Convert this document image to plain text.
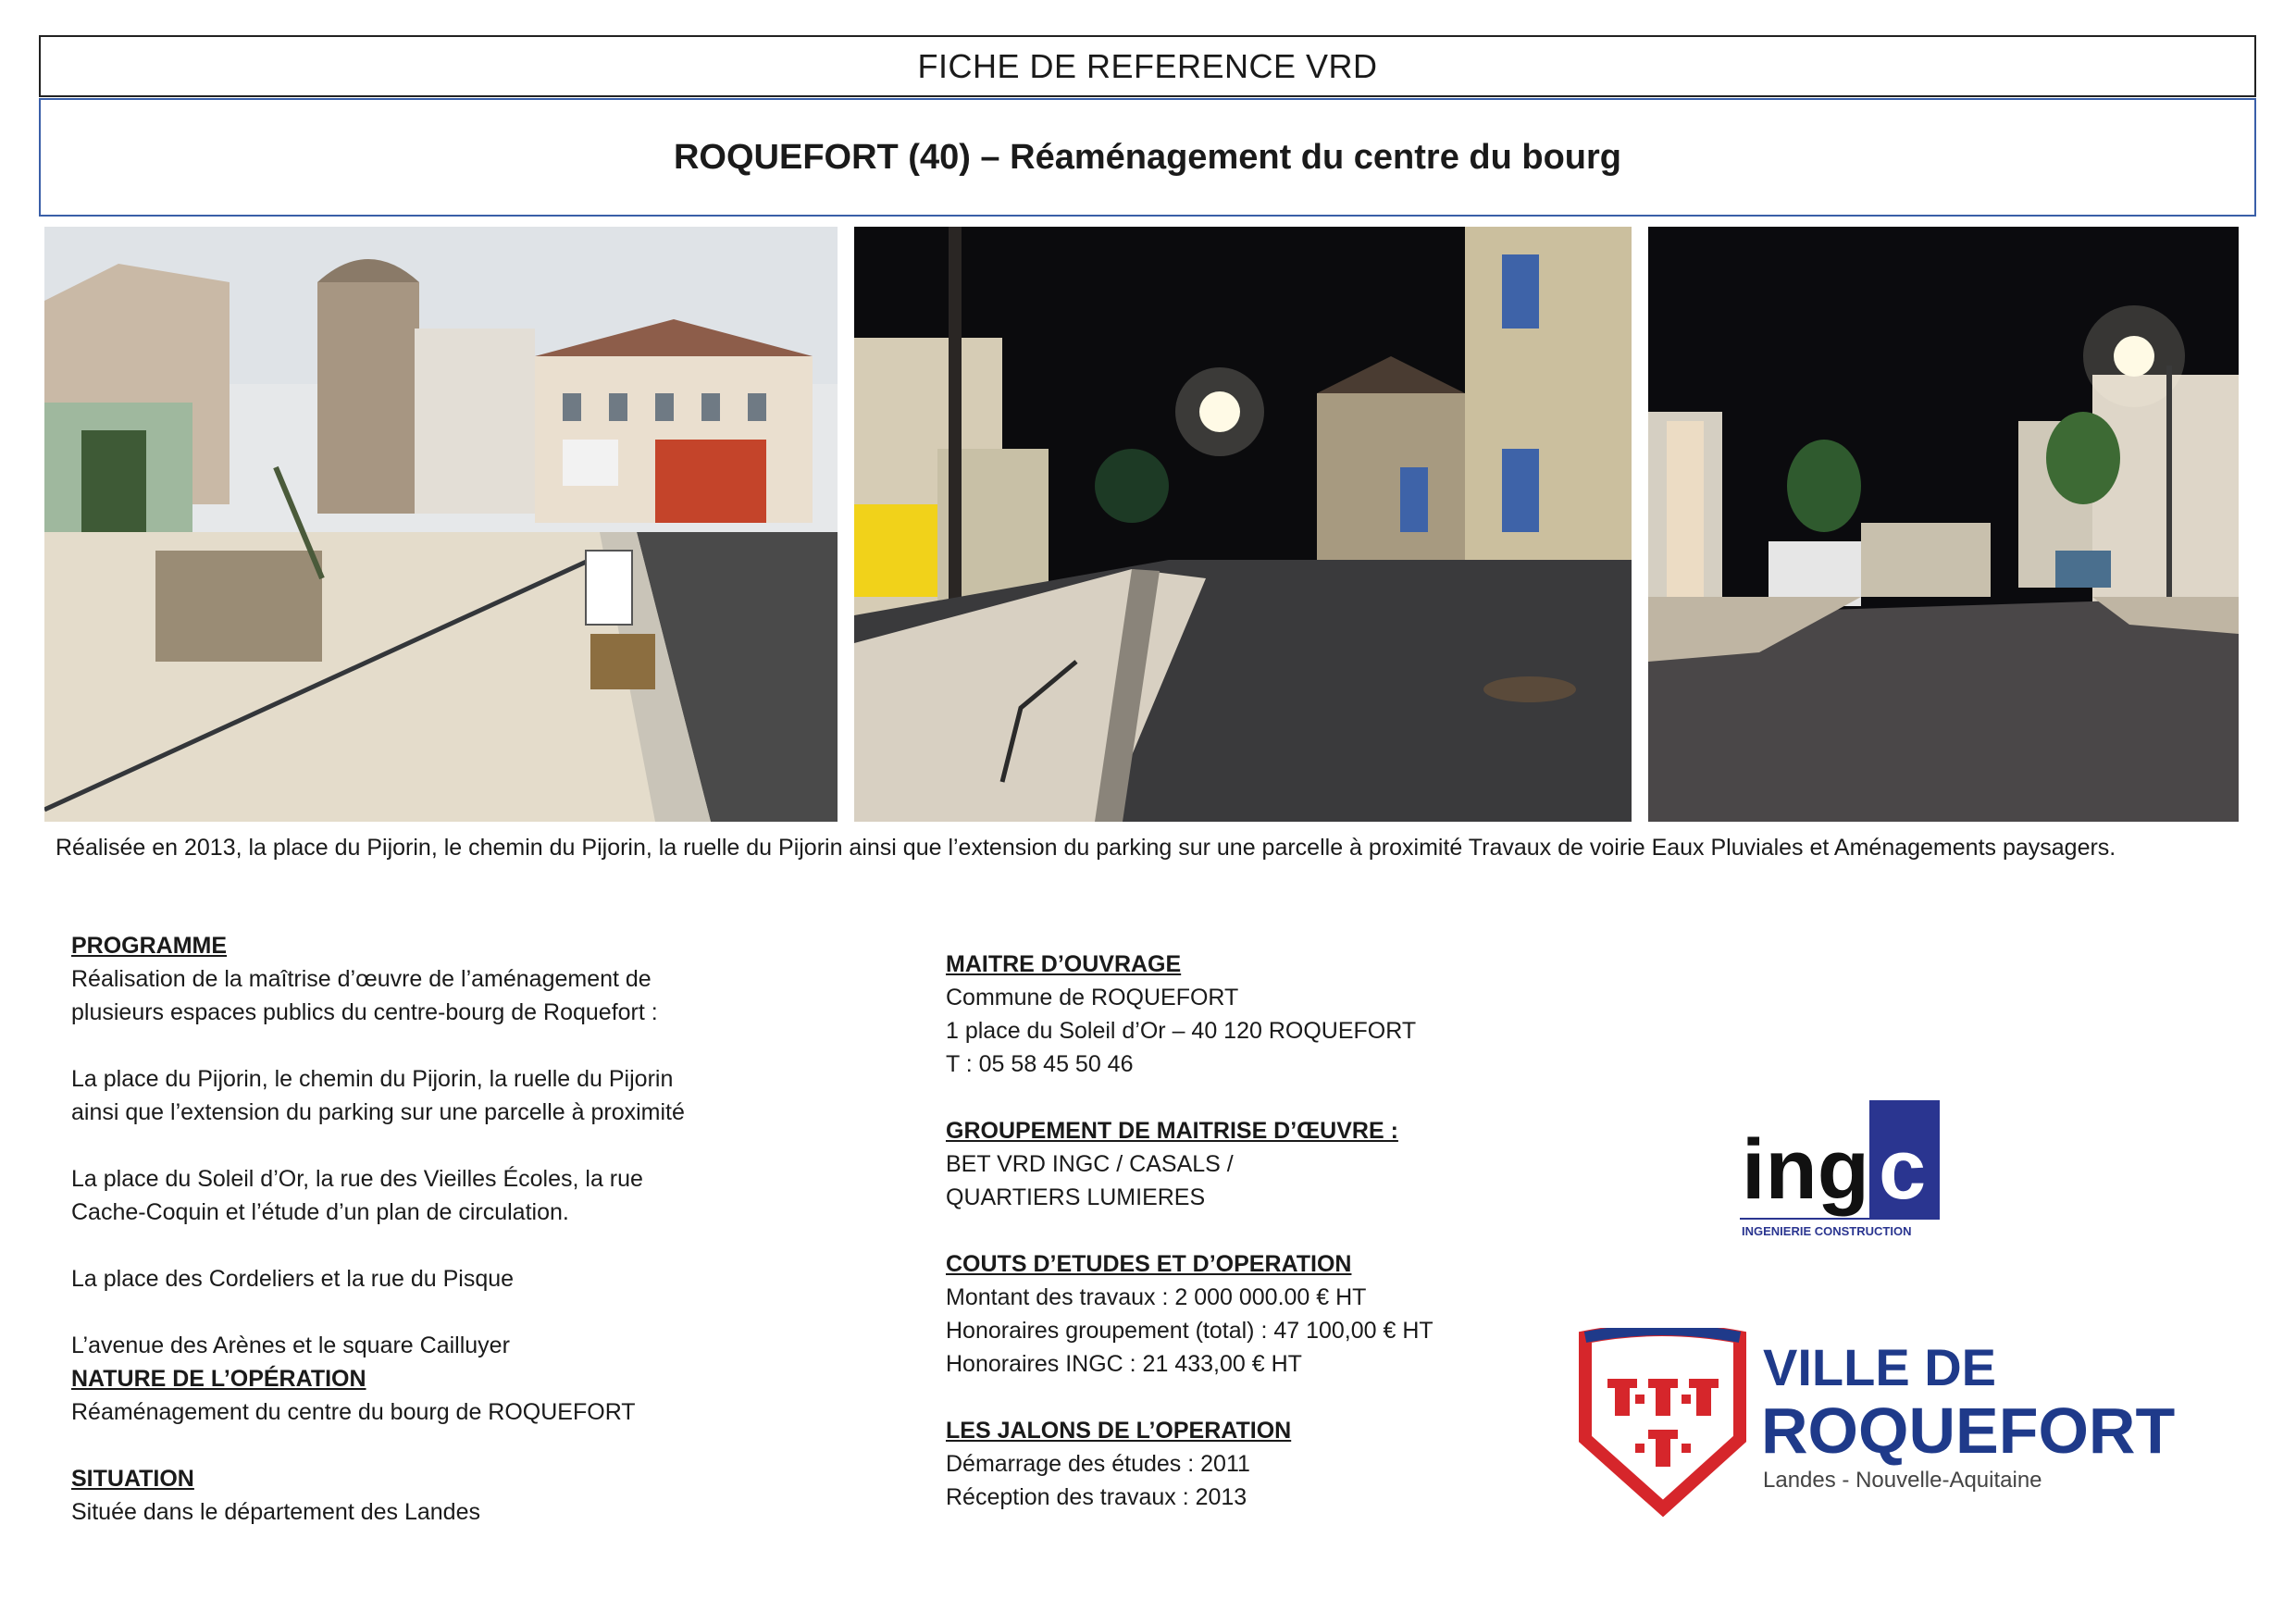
FICHE DE REFERENCE VRD
ROQUEFORT (40) – Réaménagement du centre du bourg
Réalisée en 2013, la place du Pijorin, le chemin du Pijorin, la ruelle du Pijorin ainsi que l’extension du parking sur une parcelle à proximité Travaux de voirie Eaux Pluviales et Aménagements paysagers.
PROGRAMME
Réalisation de la maîtrise d’œuvre de l’aménagement de
plusieurs espaces publics du centre-bourg de Roquefort :
La place du Pijorin, le chemin du Pijorin, la ruelle du Pijorin
ainsi que l’extension du parking sur une parcelle à proximité
La place du Soleil d’Or, la rue des Vieilles Écoles, la rue
Cache-Coquin et l’étude d’un plan de circulation.
La place des Cordeliers et la rue du Pisque
L’avenue des Arènes et le square Cailluyer
NATURE DE L’OPÉRATION
Réaménagement du centre du bourg de ROQUEFORT
SITUATION
Située dans le département des Landes
MAITRE D’OUVRAGE
Commune de ROQUEFORT
1 place du Soleil d’Or – 40 120 ROQUEFORT
T : 05 58 45 50 46
GROUPEMENT DE MAITRISE D’ŒUVRE :
BET VRD INGC / CASALS /
QUARTIERS LUMIERES
COUTS D’ETUDES ET D’OPERATION
Montant des travaux : 2 000 000.00 € HT
Honoraires groupement (total) : 47 100,00 € HT
Honoraires INGC : 21 433,00 € HT
LES JALONS DE L’OPERATION
Démarrage des études : 2011
Réception des travaux : 2013
c
ing
INGENIERIE CONSTRUCTION
VILLE DE
ROQUEFORT
Landes - Nouvelle-Aquitaine
